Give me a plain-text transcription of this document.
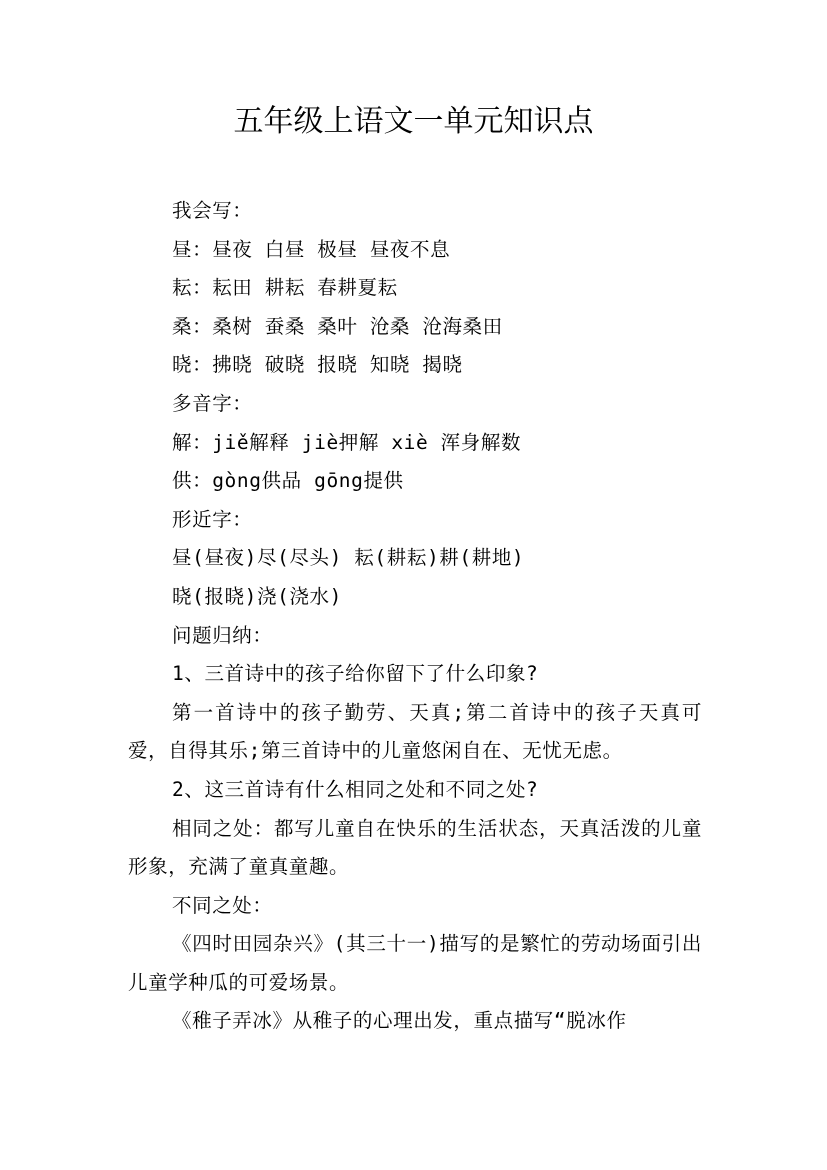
五年级上语文一单元知识点
我会写：
昼：昼夜 白昼 极昼 昼夜不息
耘：耘田 耕耘 春耕夏耘
桑：桑树 蚕桑 桑叶 沧桑 沧海桑田
晓：拂晓 破晓 报晓 知晓 揭晓
多音字：
解：jiě解释 jiè押解 xiè 浑身解数
供：gòng供品 gōng提供
形近字：
昼(昼夜)尽(尽头) 耘(耕耘)耕(耕地)
晓(报晓)浇(浇水)
问题归纳：
1、三首诗中的孩子给你留下了什么印象?
第一首诗中的孩子勤劳、天真;第二首诗中的孩子天真可爱，自得其乐;第三首诗中的儿童悠闲自在、无忧无虑。
2、这三首诗有什么相同之处和不同之处?
相同之处：都写儿童自在快乐的生活状态，天真活泼的儿童形象，充满了童真童趣。
不同之处：
《四时田园杂兴》(其三十一)描写的是繁忙的劳动场面引出儿童学种瓜的可爱场景。
《稚子弄冰》从稚子的心理出发，重点描写“脱冰作
